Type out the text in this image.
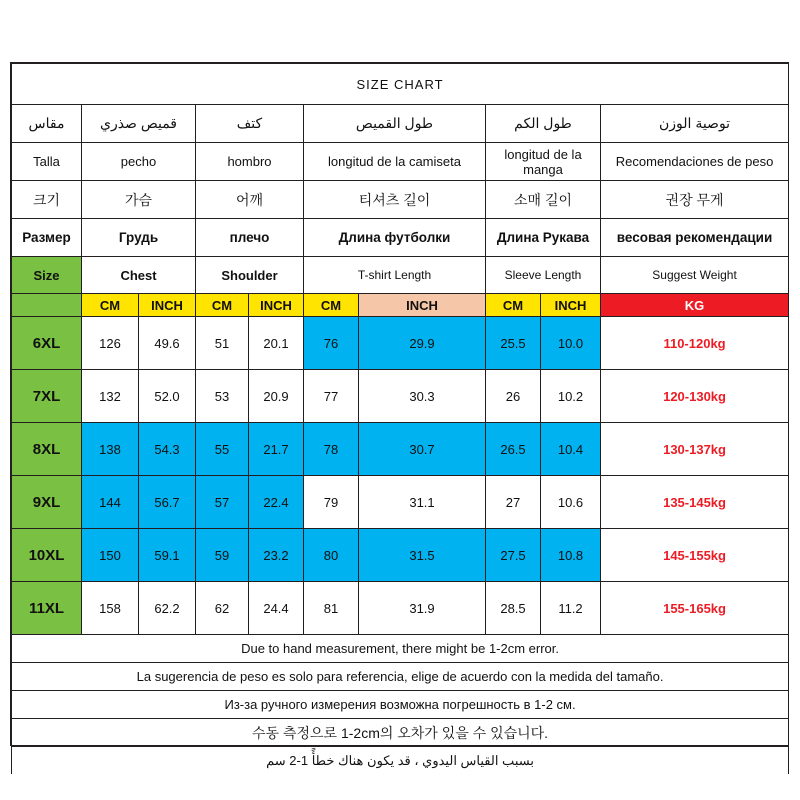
SIZE CHART									
مقاس	قمیص صذري		كتف		طول القميص		طول الكم		توصية الوزن
Talla	pecho		hombro		longitud de la camiseta		longitud de la manga		Recomendaciones de peso
크기	가슴		어깨		티셔츠 길이		소매 길이		권장 무게
Размер	Грудь		плечо		Длина футболки		Длина Рукава		весовая рекомендации
Size	Chest		Shoulder		T-shirt Length		Sleeve Length		Suggest Weight
	CM	INCH	CM	INCH	CM	INCH	CM	INCH	KG
6XL	126	49.6	51	20.1	76	29.9	25.5	10.0	110-120kg
7XL	132	52.0	53	20.9	77	30.3	26	10.2	120-130kg
8XL	138	54.3	55	21.7	78	30.7	26.5	10.4	130-137kg
9XL	144	56.7	57	22.4	79	31.1	27	10.6	135-145kg
10XL	150	59.1	59	23.2	80	31.5	27.5	10.8	145-155kg
11XL	158	62.2	62	24.4	81	31.9	28.5	11.2	155-165kg
Due to hand measurement, there might be 1-2cm error.									
La sugerencia de peso es solo para referencia, elige de acuerdo con la medida del tamaño.									
Из-за ручного измерения возможна погрешность в 1-2 см.									
수동 측정으로 1-2cm의 오차가 있을 수 있습니다.									
بسبب القياس اليدوي ، قد يكون هناك خطأً 1-2 سم									
